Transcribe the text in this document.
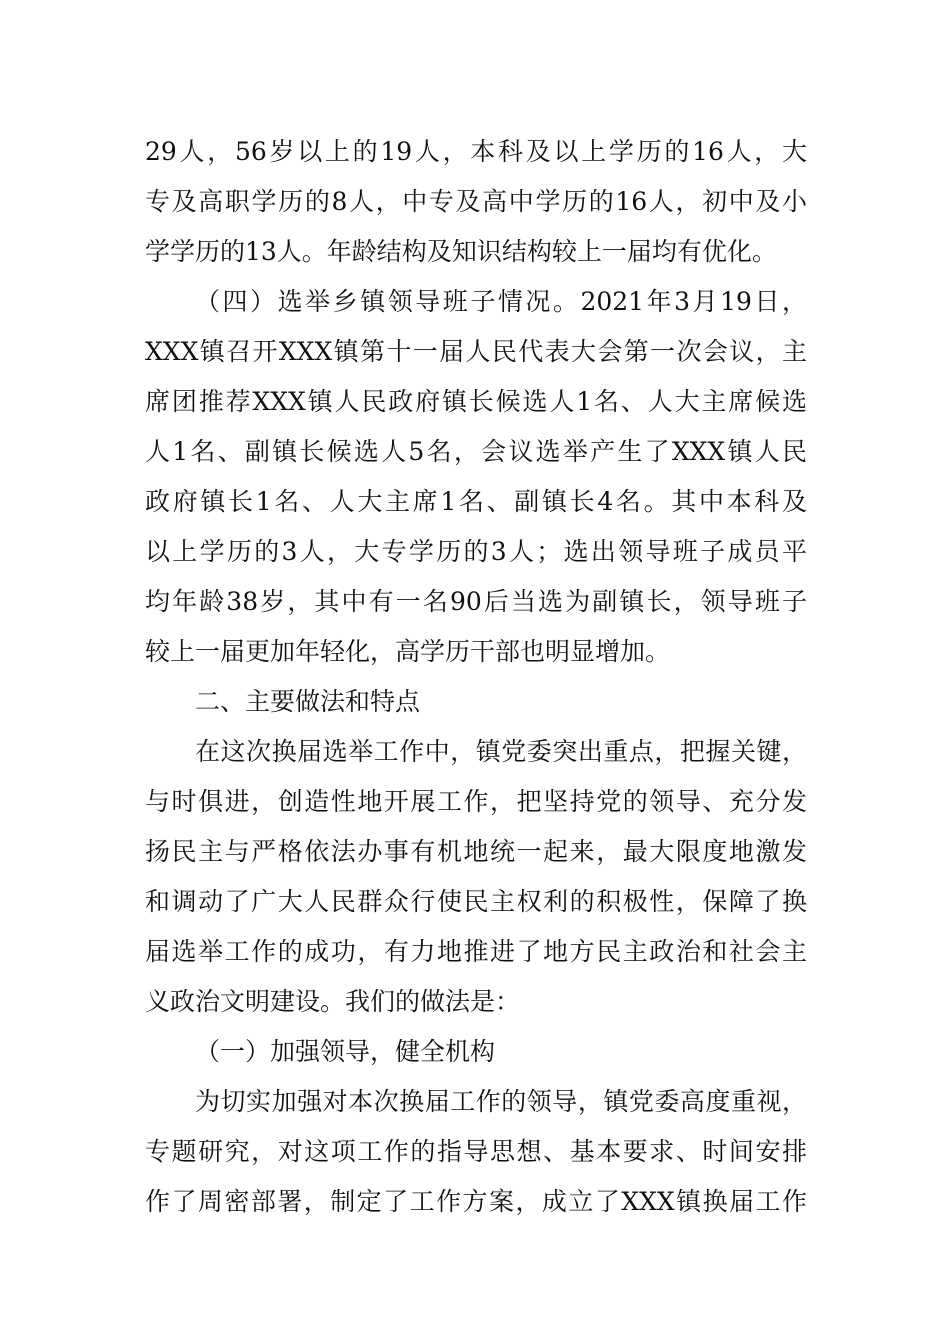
29人，56岁以上的19人，本科及以上学历的16人，大
专及高职学历的8人，中专及高中学历的16人，初中及小
学学历的13人。年龄结构及知识结构较上一届均有优化。
（四）选举乡镇领导班子情况。2021年3月19日，
XXX镇召开XXX镇第十一届人民代表大会第一次会议，主
席团推荐XXX镇人民政府镇长候选人1名、人大主席候选
人1名、副镇长候选人5名，会议选举产生了XXX镇人民
政府镇长1名、人大主席1名、副镇长4名。其中本科及
以上学历的3人，大专学历的3人；选出领导班子成员平
均年龄38岁，其中有一名90后当选为副镇长，领导班子
较上一届更加年轻化，高学历干部也明显增加。
二、主要做法和特点
在这次换届选举工作中，镇党委突出重点，把握关键，
与时俱进，创造性地开展工作，把坚持党的领导、充分发
扬民主与严格依法办事有机地统一起来，最大限度地激发
和调动了广大人民群众行使民主权利的积极性，保障了换
届选举工作的成功，有力地推进了地方民主政治和社会主
义政治文明建设。我们的做法是：
（一）加强领导，健全机构
为切实加强对本次换届工作的领导，镇党委高度重视，
专题研究，对这项工作的指导思想、基本要求、时间安排
作了周密部署，制定了工作方案，成立了XXX镇换届工作
